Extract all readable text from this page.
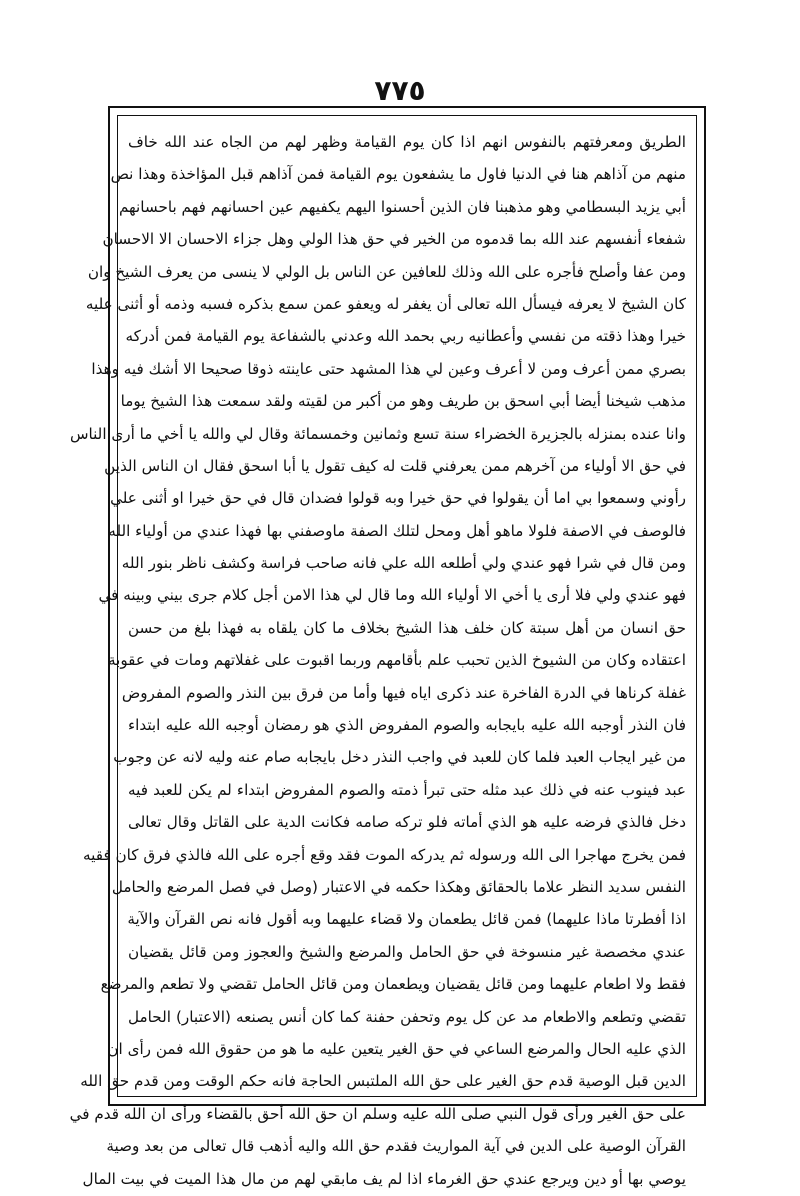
٧٧٥
الطريق ومعرفتهم بالنفوس انهم اذا كان يوم القيامة وظهر لهم من الجاه عند الله خاف
منهم من آذاهم هنا في الدنيا فاول ما يشفعون يوم القيامة فمن آذاهم قبل المؤاخذة وهذا نص
أبي يزيد البسطامي وهو مذهبنا فان الذين أحسنوا اليهم يكفيهم عين احسانهم فهم باحسانهم
شفعاء أنفسهم عند الله بما قدموه من الخير في حق هذا الولي وهل جزاء الاحسان الا الاحسان
ومن عفا وأصلح فأجره على الله وذلك للعافين عن الناس بل الولي لا ينسى من يعرف الشيخ وان
كان الشيخ لا يعرفه فيسأل الله تعالى أن يغفر له ويعفو عمن سمع بذكره فسبه وذمه أو أثنى عليه
خيرا وهذا ذقته من نفسي وأعطانيه ربي بحمد الله وعدني بالشفاعة يوم القيامة فمن أدركه
بصري ممن أعرف ومن لا أعرف وعين لي هذا المشهد حتى عاينته ذوقا صحيحا الا أشك فيه وهذا
مذهب شيخنا أيضا أبي اسحق بن طريف وهو من أكبر من لقيته ولقد سمعت هذا الشيخ يوما
وانا عنده بمنزله بالجزيرة الخضراء سنة تسع وثمانين وخمسمائة وقال لي والله يا أخي ما أرى الناس
في حق الا أولياء من آخرهم ممن يعرفني قلت له كيف تقول يا أبا اسحق فقال ان الناس الذين
رأوني وسمعوا بي اما أن يقولوا في حق خيرا وبه قولوا فضدان قال في حق خيرا او أثنى علي
فالوصف في الاصفة فلولا ماهو أهل ومحل لتلك الصفة ماوصفني بها فهذا عندي من أولياء الله
ومن قال في شرا فهو عندي ولي أطلعه الله علي فانه صاحب فراسة وكشف ناظر بنور الله
فهو عندي ولي فلا أرى يا أخي الا أولياء الله وما قال لي هذا الامن أجل كلام جرى بيني وبينه في
حق انسان من أهل سبتة كان خلف هذا الشيخ بخلاف ما كان يلقاه به فهذا بلغ من حسن
اعتقاده وكان من الشيوخ الذين تحبب علم بأقامهم وربما اقبوت على غفلاتهم ومات في عقوبة
غفلة كرناها في الدرة الفاخرة عند ذكرى اياه فيها وأما من فرق بين النذر والصوم المفروض
فان النذر أوجبه الله عليه بايجابه والصوم المفروض الذي هو رمضان أوجبه الله عليه ابتداء
من غير ايجاب العبد فلما كان للعبد في واجب النذر دخل بايجابه صام عنه وليه لانه عن وجوب
عبد فينوب عنه في ذلك عبد مثله حتى تبرأ ذمته والصوم المفروض ابتداء لم يكن للعبد فيه
دخل فالذي فرضه عليه هو الذي أماته فلو تركه صامه فكانت الدية على القاتل وقال تعالى
فمن يخرج مهاجرا الى الله ورسوله ثم يدركه الموت فقد وقع أجره على الله فالذي فرق كان فقيه
النفس سديد النظر علاما بالحقائق وهكذا حكمه في الاعتبار (وصل في فصل المرضع والحامل
اذا أفطرتا ماذا عليهما) فمن قائل يطعمان ولا قضاء عليهما وبه أقول فانه نص القرآن والآية
عندي مخصصة غير منسوخة في حق الحامل والمرضع والشيخ والعجوز ومن قائل يقضيان
فقط ولا اطعام عليهما ومن قائل يقضيان ويطعمان ومن قائل الحامل تقضي ولا تطعم والمرضع
تقضي وتطعم والاطعام مد عن كل يوم وتحفن حفنة كما كان أنس يصنعه (الاعتبار) الحامل
الذي عليه الحال والمرضع الساعي في حق الغير يتعين عليه ما هو من حقوق الله فمن رأى ان
الدين قبل الوصية قدم حق الغير على حق الله الملتبس الحاجة فانه حكم الوقت ومن قدم حق الله
على حق الغير ورأى قول النبي صلى الله عليه وسلم ان حق الله أحق بالقضاء ورأى ان الله قدم في
القرآن الوصية على الدين في آية المواريث فقدم حق الله واليه أذهب قال تعالى من بعد وصية
يوصي بها أو دين ويرجع عندي حق الغرماء اذا لم يف مابقي لهم من مال هذا الميت في بيت المال
